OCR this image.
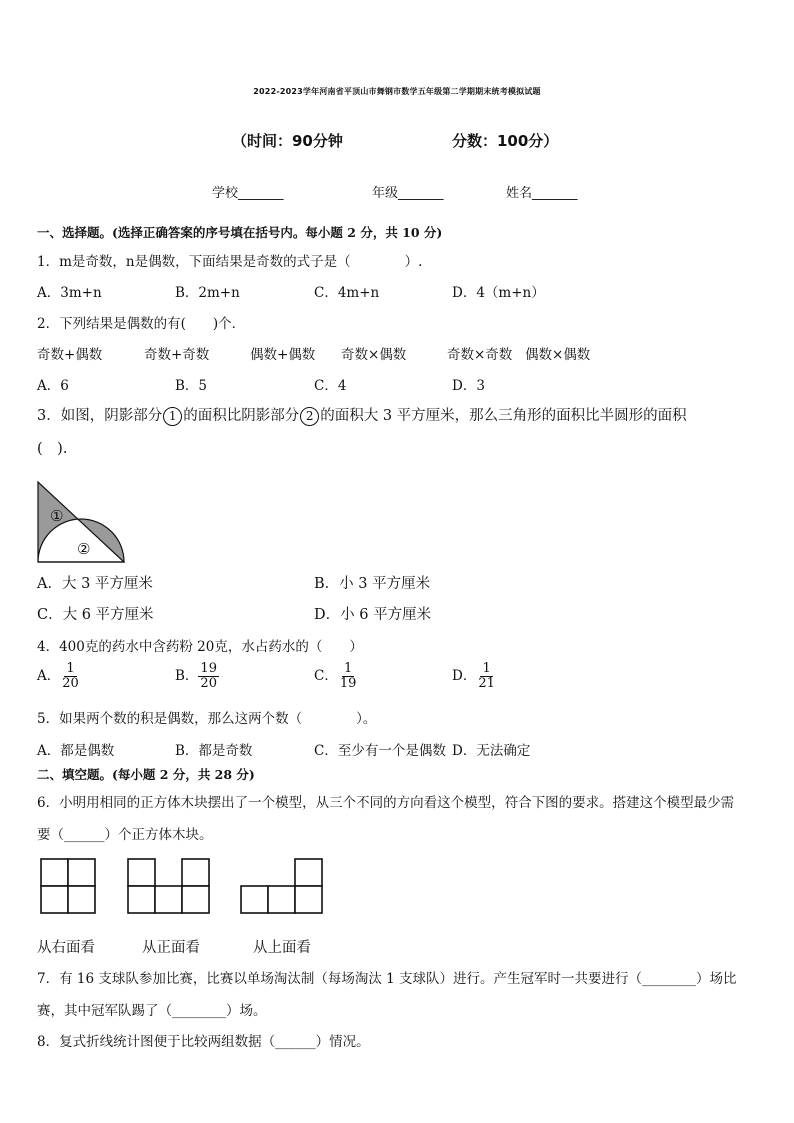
2022-2023学年河南省平顶山市舞钢市数学五年级第二学期期末统考模拟试题
（时间：90分钟	分数：100分）
学校_______	年级_______	姓名_______
一、选择题。(选择正确答案的序号填在括号内。每小题 2 分，共 10 分)
1．m是奇数，n是偶数，下面结果是奇数的式子是（　　　　）.
A．3m+n	B．2m+n	C．4m+n	D．4（m+n）
2．下列结果是偶数的有(　　)个．
奇数+偶数	奇数+奇数	偶数+偶数 奇数×偶数	奇数×奇数 偶数×偶数
A．6	B．5	C．4	D．3
3．如图，阴影部分 1 的面积比阴影部分 2 的面积大 3 平方厘米，那么三角形的面积比半圆形的面积
(　).
①
②
A．大 3 平方厘米	B．小 3 平方厘米
C．大 6 平方厘米	D．小 6 平方厘米
4．400克的药水中含药粉 20克，水占药水的（　　）
A． $\frac{1}{20}$	B． $\frac{19}{20}$	C． $\frac{1}{19}$	D． $\frac{1}{21}$
5．如果两个数的积是偶数，那么这两个数（　　　　）。
A．都是偶数	B．都是奇数	C．至少有一个是偶数 D．无法确定
二、填空题。(每小题 2 分，共 28 分)
6．小明用相同的正方体木块摆出了一个模型，从三个不同的方向看这个模型，符合下图的要求。搭建这个模型最少需
要（______）个正方体木块。
从右面看	从正面看	从上面看
7．有 16 支球队参加比赛，比赛以单场淘汰制（每场淘汰 1 支球队）进行。产生冠军时一共要进行（________）场比
赛，其中冠军队踢了（________）场。
8．复式折线统计图便于比较两组数据（______）情况。
